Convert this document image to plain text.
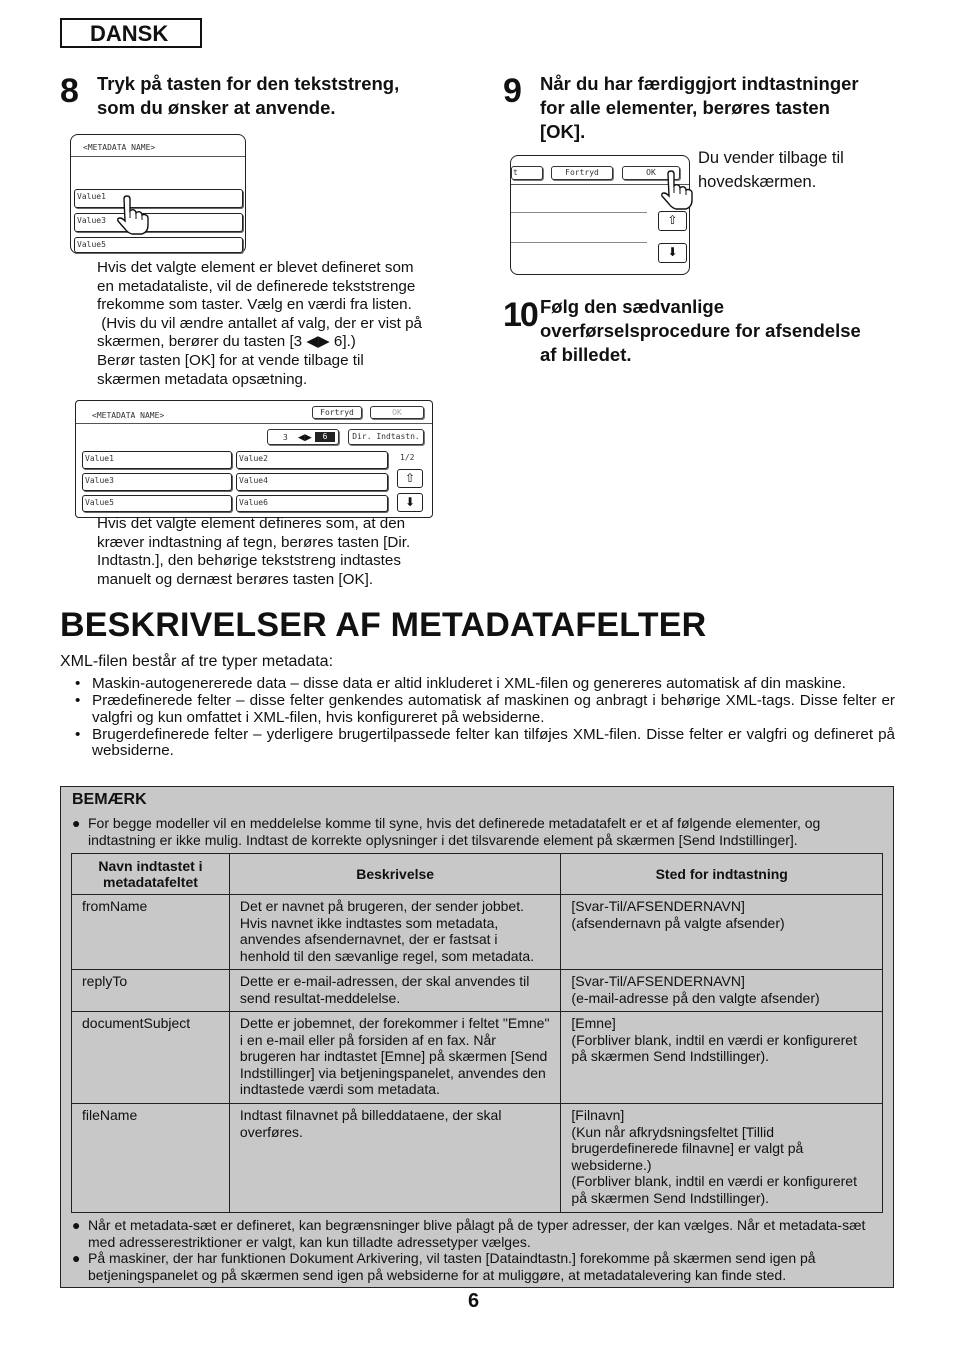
DANSK
8 Tryk på tasten for den tekststreng,
som du ønsker at anvende.
<METADATA NAME>
Value1
Value3
Value5
Hvis det valgte element er blevet defineret som
en metadataliste, vil de definerede tekststrenge
frekomme som taster. Vælg en værdi fra listen.
(Hvis du vil ændre antallet af valg, der er vist på
skærmen, berører du tasten [3 ◀▶ 6].)
Berør tasten [OK] for at vende tilbage til
skærmen metadata opsætning.
<METADATA NAME>	Fortryd	OK
3 ◀▶	6	Dir. Indtastn.
Value1	Value2
Value3	Value4
Value5	Value6
1/2
⇧
⬇
Hvis det valgte element defineres som, at den
kræver indtastning af tegn, berøres tasten [Dir.
Indtastn.], den behørige tekststreng indtastes
manuelt og dernæst berøres tasten [OK].
9 Når du har færdiggjort indtastninger
for alle elementer, berøres tasten
[OK].
t	Fortryd	OK
⇧
⬇
Du vender tilbage til
hovedskærmen.
10 Følg den sædvanlige
overførselsprocedure for afsendelse
af billedet.
BESKRIVELSER AF METADATAFELTER
XML-filen består af tre typer metadata:
• Maskin-autogenererede data – disse data er altid inkluderet i XML-filen og genereres automatisk af din maskine.
• Prædefinerede felter – disse felter genkendes automatisk af maskinen og anbragt i behørige XML-tags. Disse felter er valgfri og kun omfattet i XML-filen, hvis konfigureret på websiderne.
• Brugerdefinerede felter – yderligere brugertilpassede felter kan tilføjes XML-filen. Disse felter er valgfri og defineret på websiderne.
BEMÆRK
● For begge modeller vil en meddelelse komme til syne, hvis det definerede metadatafelt er et af følgende elementer, og indtastning er ikke mulig. Indtast de korrekte oplysninger i det tilsvarende element på skærmen [Send Indstillinger].
Navn indtastet i metadatafeltet	Beskrivelse	Sted for indtastning
fromName	Det er navnet på brugeren, der sender jobbet. Hvis navnet ikke indtastes som metadata, anvendes afsendernavnet, der er fastsat i henhold til den sævanlige regel, som metadata.	[Svar-Til/AFSENDERNAVN]
(afsendernavn på valgte afsender)
replyTo	Dette er e-mail-adressen, der skal anvendes til send resultat-meddelelse.	[Svar-Til/AFSENDERNAVN]
(e-mail-adresse på den valgte afsender)
documentSubject	Dette er jobemnet, der forekommer i feltet "Emne" i en e-mail eller på forsiden af en fax. Når brugeren har indtastet [Emne] på skærmen [Send Indstillinger] via betjeningspanelet, anvendes den indtastede værdi som metadata.	[Emne]
(Forbliver blank, indtil en værdi er konfigureret på skærmen Send Indstillinger).
fileName	Indtast filnavnet på billeddataene, der skal overføres.	[Filnavn]
(Kun når afkrydsningsfeltet [Tillid brugerdefinerede filnavne] er valgt på websiderne.)
(Forbliver blank, indtil en værdi er konfigureret på skærmen Send Indstillinger).
● Når et metadata-sæt er defineret, kan begrænsninger blive pålagt på de typer adresser, der kan vælges. Når et metadata-sæt med adresserestriktioner er valgt, kan kun tilladte adressetyper vælges.
● På maskiner, der har funktionen Dokument Arkivering, vil tasten [Dataindtastn.] forekomme på skærmen send igen på betjeningspanelet og på skærmen send igen på websiderne for at muliggøre, at metadatalevering kan finde sted.
6
